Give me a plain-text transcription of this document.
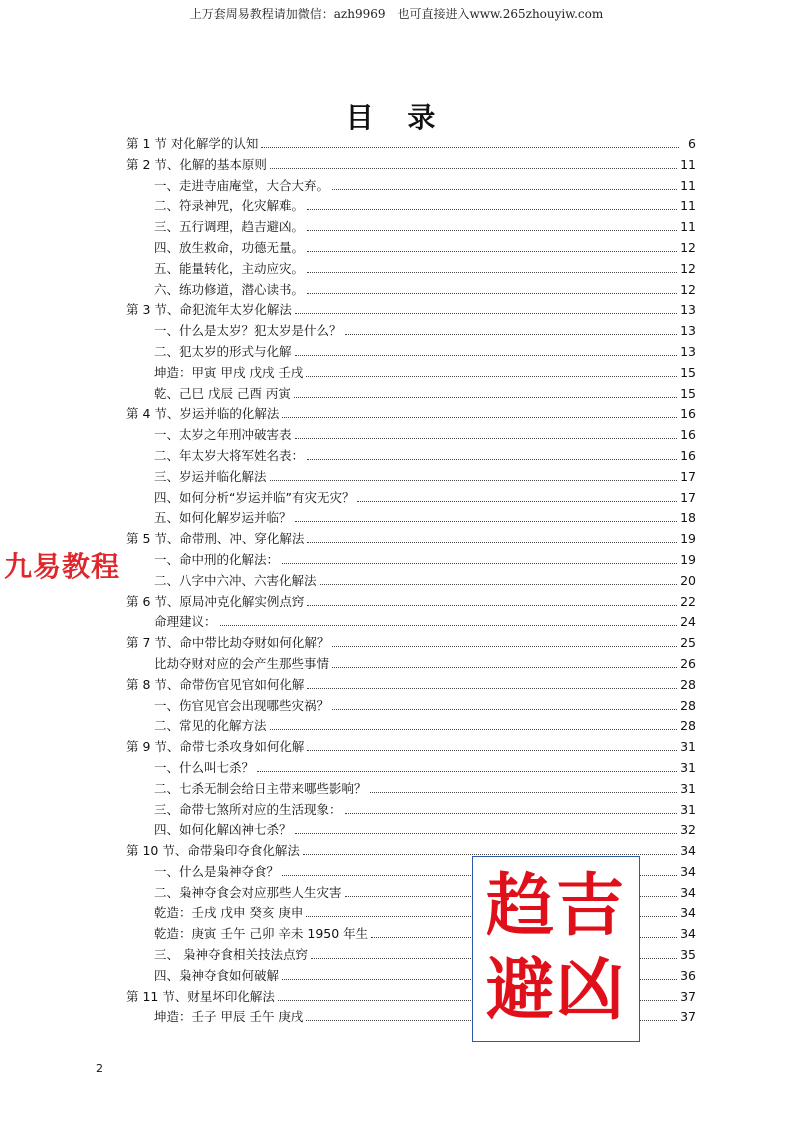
上万套周易教程请加微信：azh9969　也可直接进入www.265zhouyiw.com
目 录
第 1 节 对化解学的认知	6
第 2 节、化解的基本原则	11
一、走进寺庙庵堂，大合大弃。	11
二、符录神咒，化灾解难。	11
三、五行调理，趋吉避凶。	11
四、放生救命，功德无量。	12
五、能量转化，主动应灾。	12
六、练功修道，潜心读书。	12
第 3 节、命犯流年太岁化解法	13
一、什么是太岁？犯太岁是什么？	13
二、犯太岁的形式与化解	13
坤造：甲寅 甲戌 戊戌 壬戌	15
乾、己巳 戊辰 己酉 丙寅	15
第 4 节、岁运并临的化解法	16
一、太岁之年刑冲破害表	16
二、年太岁大将军姓名表：	16
三、岁运并临化解法	17
四、如何分析“岁运并临”有灾无灾？	17
五、如何化解岁运并临？	18
第 5 节、命带刑、冲、穿化解法	19
一、命中刑的化解法：	19
二、八字中六冲、六害化解法	20
第 6 节、原局冲克化解实例点窍	22
命理建议：	24
第 7 节、命中带比劫夺财如何化解？	25
比劫夺财对应的会产生那些事情	26
第 8 节、命带伤官见官如何化解	28
一、伤官见官会出现哪些灾祸？	28
二、常见的化解方法	28
第 9 节、命带七杀攻身如何化解	31
一、什么叫七杀？	31
二、七杀无制会给日主带来哪些影响？	31
三、命带七煞所对应的生活现象：	31
四、如何化解凶神七杀？	32
第 10 节、命带枭印夺食化解法	34
一、什么是枭神夺食？	34
二、枭神夺食会对应那些人生灾害	34
乾造：壬戌 戊申 癸亥 庚申	34
乾造：庚寅 壬午 己卯 辛未 1950 年生	34
三、 枭神夺食相关技法点窍	35
四、枭神夺食如何破解	36
第 11 节、财星坏印化解法	37
坤造：壬子 甲辰 壬午 庚戌	37
九易教程
趋吉
避凶
2
